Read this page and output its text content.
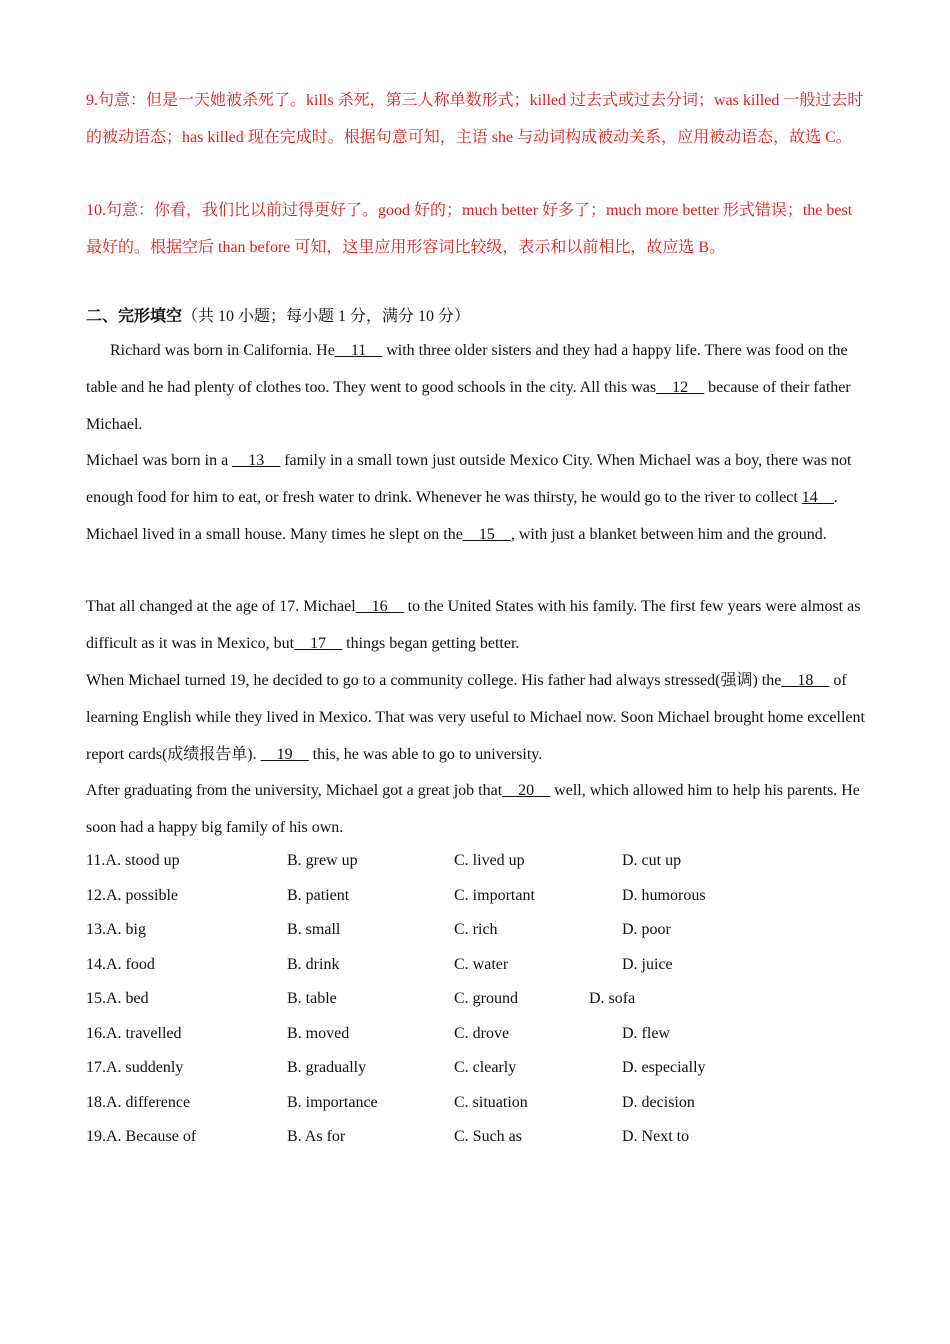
9.句意：但是一天她被杀死了。kills 杀死，第三人称单数形式；killed 过去式或过去分词；was killed 一般过去时的被动语态；has killed 现在完成时。根据句意可知，主语 she 与动词构成被动关系，应用被动语态，故选 C。
10.句意：你看，我们比以前过得更好了。good 好的；much better 好多了；much more better 形式错误；the best 最好的。根据空后 than before 可知，这里应用形容词比较级，表示和以前相比，故应选 B。
二、完形填空（共 10 小题；每小题 1 分，满分 10 分）
Richard was born in California. He__11__ with three older sisters and they had a happy life. There was food on the table and he had plenty of clothes too. They went to good schools in the city. All this was__12__ because of their father Michael.
Michael was born in a __13__ family in a small town just outside Mexico City. When Michael was a boy, there was not enough food for him to eat, or fresh water to drink. Whenever he was thirsty, he would go to the river to collect 14__. Michael lived in a small house. Many times he slept on the__15__, with just a blanket between him and the ground.
That all changed at the age of 17. Michael__16__ to the United States with his family. The first few years were almost as difficult as it was in Mexico, but__17__ things began getting better.
When Michael turned 19, he decided to go to a community college. His father had always stressed(强调) the__18__ of learning English while they lived in Mexico. That was very useful to Michael now. Soon Michael brought home excellent report cards(成绩报告单). __19__ this, he was able to go to university.
After graduating from the university, Michael got a great job that__20__ well, which allowed him to help his parents. He soon had a happy big family of his own.
11.A. stood up	B. grew up	C. lived up	D. cut up
12.A. possible	B. patient	C. important	D. humorous
13.A. big	B. small	C. rich	D. poor
14.A. food	B. drink	C. water	D. juice
15.A. bed	B. table	C. ground	D. sofa
16.A. travelled	B. moved	C. drove	D. flew
17.A. suddenly	B. gradually	C. clearly	D. especially
18.A. difference	B. importance	C. situation	D. decision
19.A. Because of	B. As for	C. Such as	D. Next to
